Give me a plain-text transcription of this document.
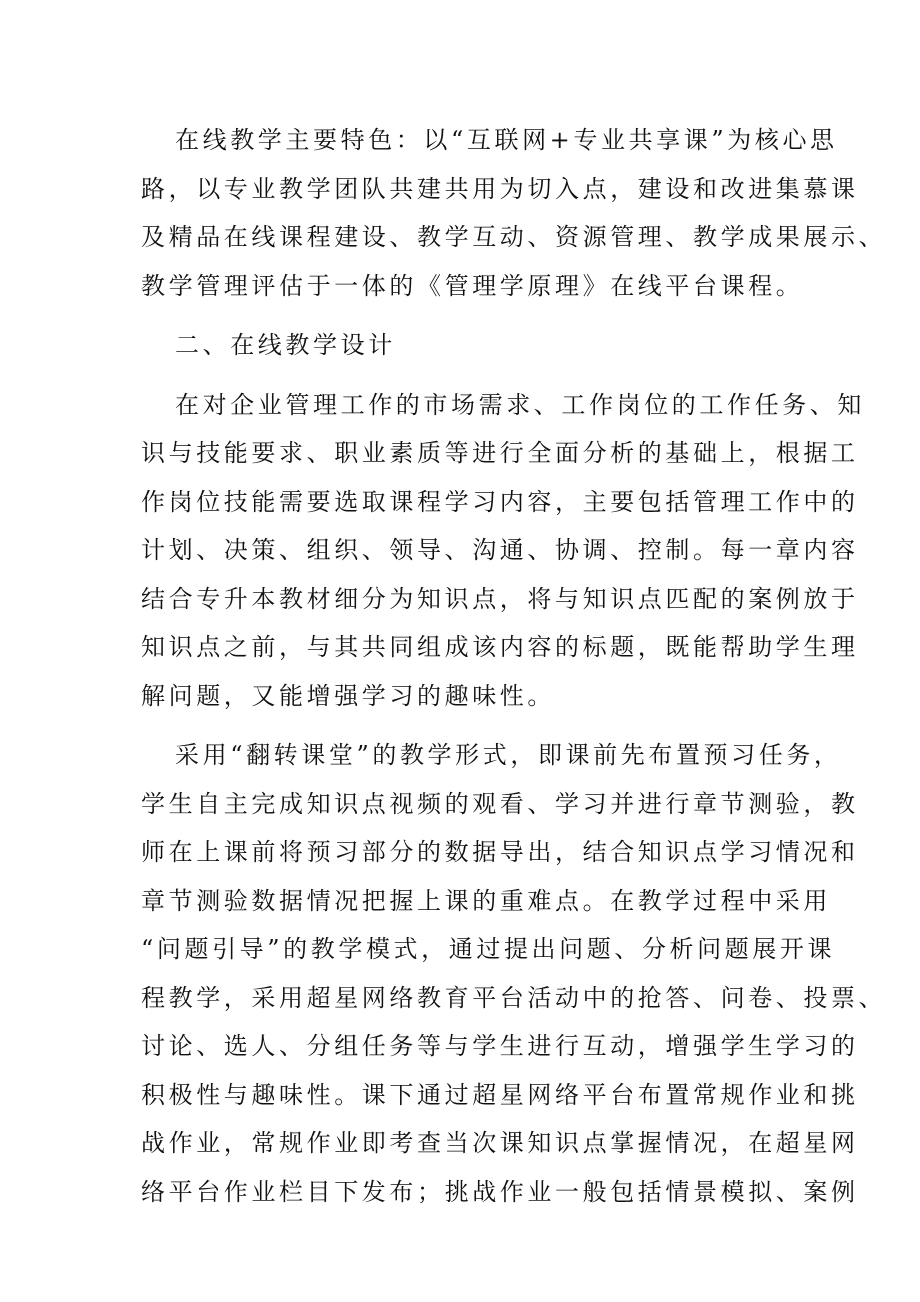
在线教学主要特色：以“互联网+专业共享课”为核心思
路，以专业教学团队共建共用为切入点，建设和改进集慕课
及精品在线课程建设、教学互动、资源管理、教学成果展示、
教学管理评估于一体的《管理学原理》在线平台课程。
二、在线教学设计
在对企业管理工作的市场需求、工作岗位的工作任务、知
识与技能要求、职业素质等进行全面分析的基础上，根据工
作岗位技能需要选取课程学习内容，主要包括管理工作中的
计划、决策、组织、领导、沟通、协调、控制。每一章内容
结合专升本教材细分为知识点，将与知识点匹配的案例放于
知识点之前，与其共同组成该内容的标题，既能帮助学生理
解问题，又能增强学习的趣味性。
采用“翻转课堂”的教学形式，即课前先布置预习任务，
学生自主完成知识点视频的观看、学习并进行章节测验，教
师在上课前将预习部分的数据导出，结合知识点学习情况和
章节测验数据情况把握上课的重难点。在教学过程中采用
“问题引导”的教学模式，通过提出问题、分析问题展开课
程教学，采用超星网络教育平台活动中的抢答、问卷、投票、
讨论、选人、分组任务等与学生进行互动，增强学生学习的
积极性与趣味性。课下通过超星网络平台布置常规作业和挑
战作业，常规作业即考查当次课知识点掌握情况，在超星网
络平台作业栏目下发布；挑战作业一般包括情景模拟、案例
